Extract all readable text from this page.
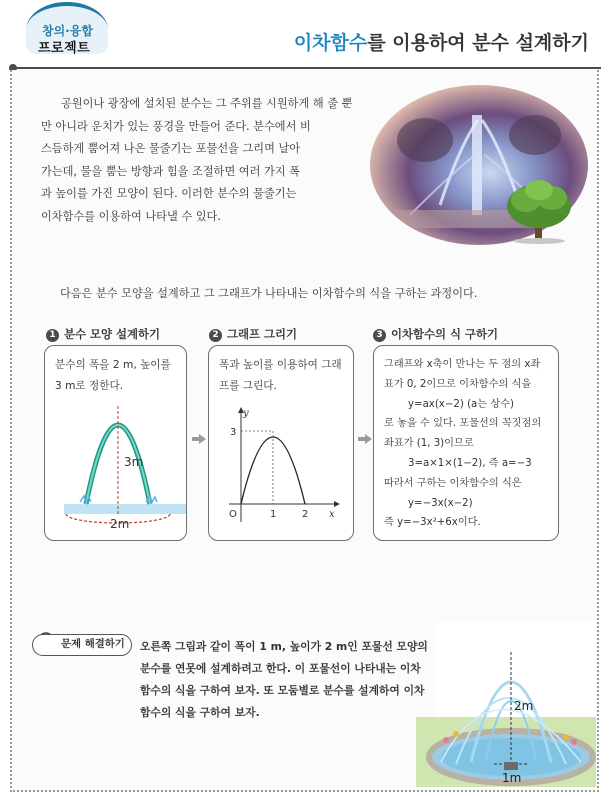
창의·융합
프로젝트	이차함수를 이용하여 분수 설계하기
공원이나 광장에 설치된 분수는 그 주위를 시원하게 해 줄 뿐
만 아니라 운치가 있는 풍경을 만들어 준다. 분수에서 비
스듬하게 뿜어져 나온 물줄기는 포물선을 그리며 날아
가는데, 물을 뿜는 방향과 힘을 조절하면 여러 가지 폭
과 높이를 가진 모양이 된다. 이러한 분수의 물줄기는
이차함수를 이용하여 나타낼 수 있다.
다음은 분수 모양을 설계하고 그 그래프가 나타내는 이차함수의 식을 구하는 과정이다.
1 분수 모양 설계하기	2 그래프 그리기	3 이차함수의 식 구하기
분수의 폭을 2 m, 높이를
3 m로 정한다.
3m
2m
폭과 높이를 이용하여 그래
프를 그린다.
y
x
O	1	2
3
그래프와 x축이 만나는 두 점의 x좌
표가 0, 2이므로 이차함수의 식을
y=ax(x−2) (a는 상수)
로 놓을 수 있다. 포물선의 꼭짓점의
좌표가 (1, 3)이므로
3=a×1×(1−2), 즉 a=−3
따라서 구하는 이차함수의 식은
y=−3x(x−2)
즉 y=−3x²+6x이다.
문제 해결하기	오른쪽 그림과 같이 폭이 1 m, 높이가 2 m인 포물선 모양의
분수를 연못에 설계하려고 한다. 이 포물선이 나타내는 이차
함수의 식을 구하여 보자. 또 모둠별로 분수를 설계하여 이차
함수의 식을 구하여 보자.	2m
1m
